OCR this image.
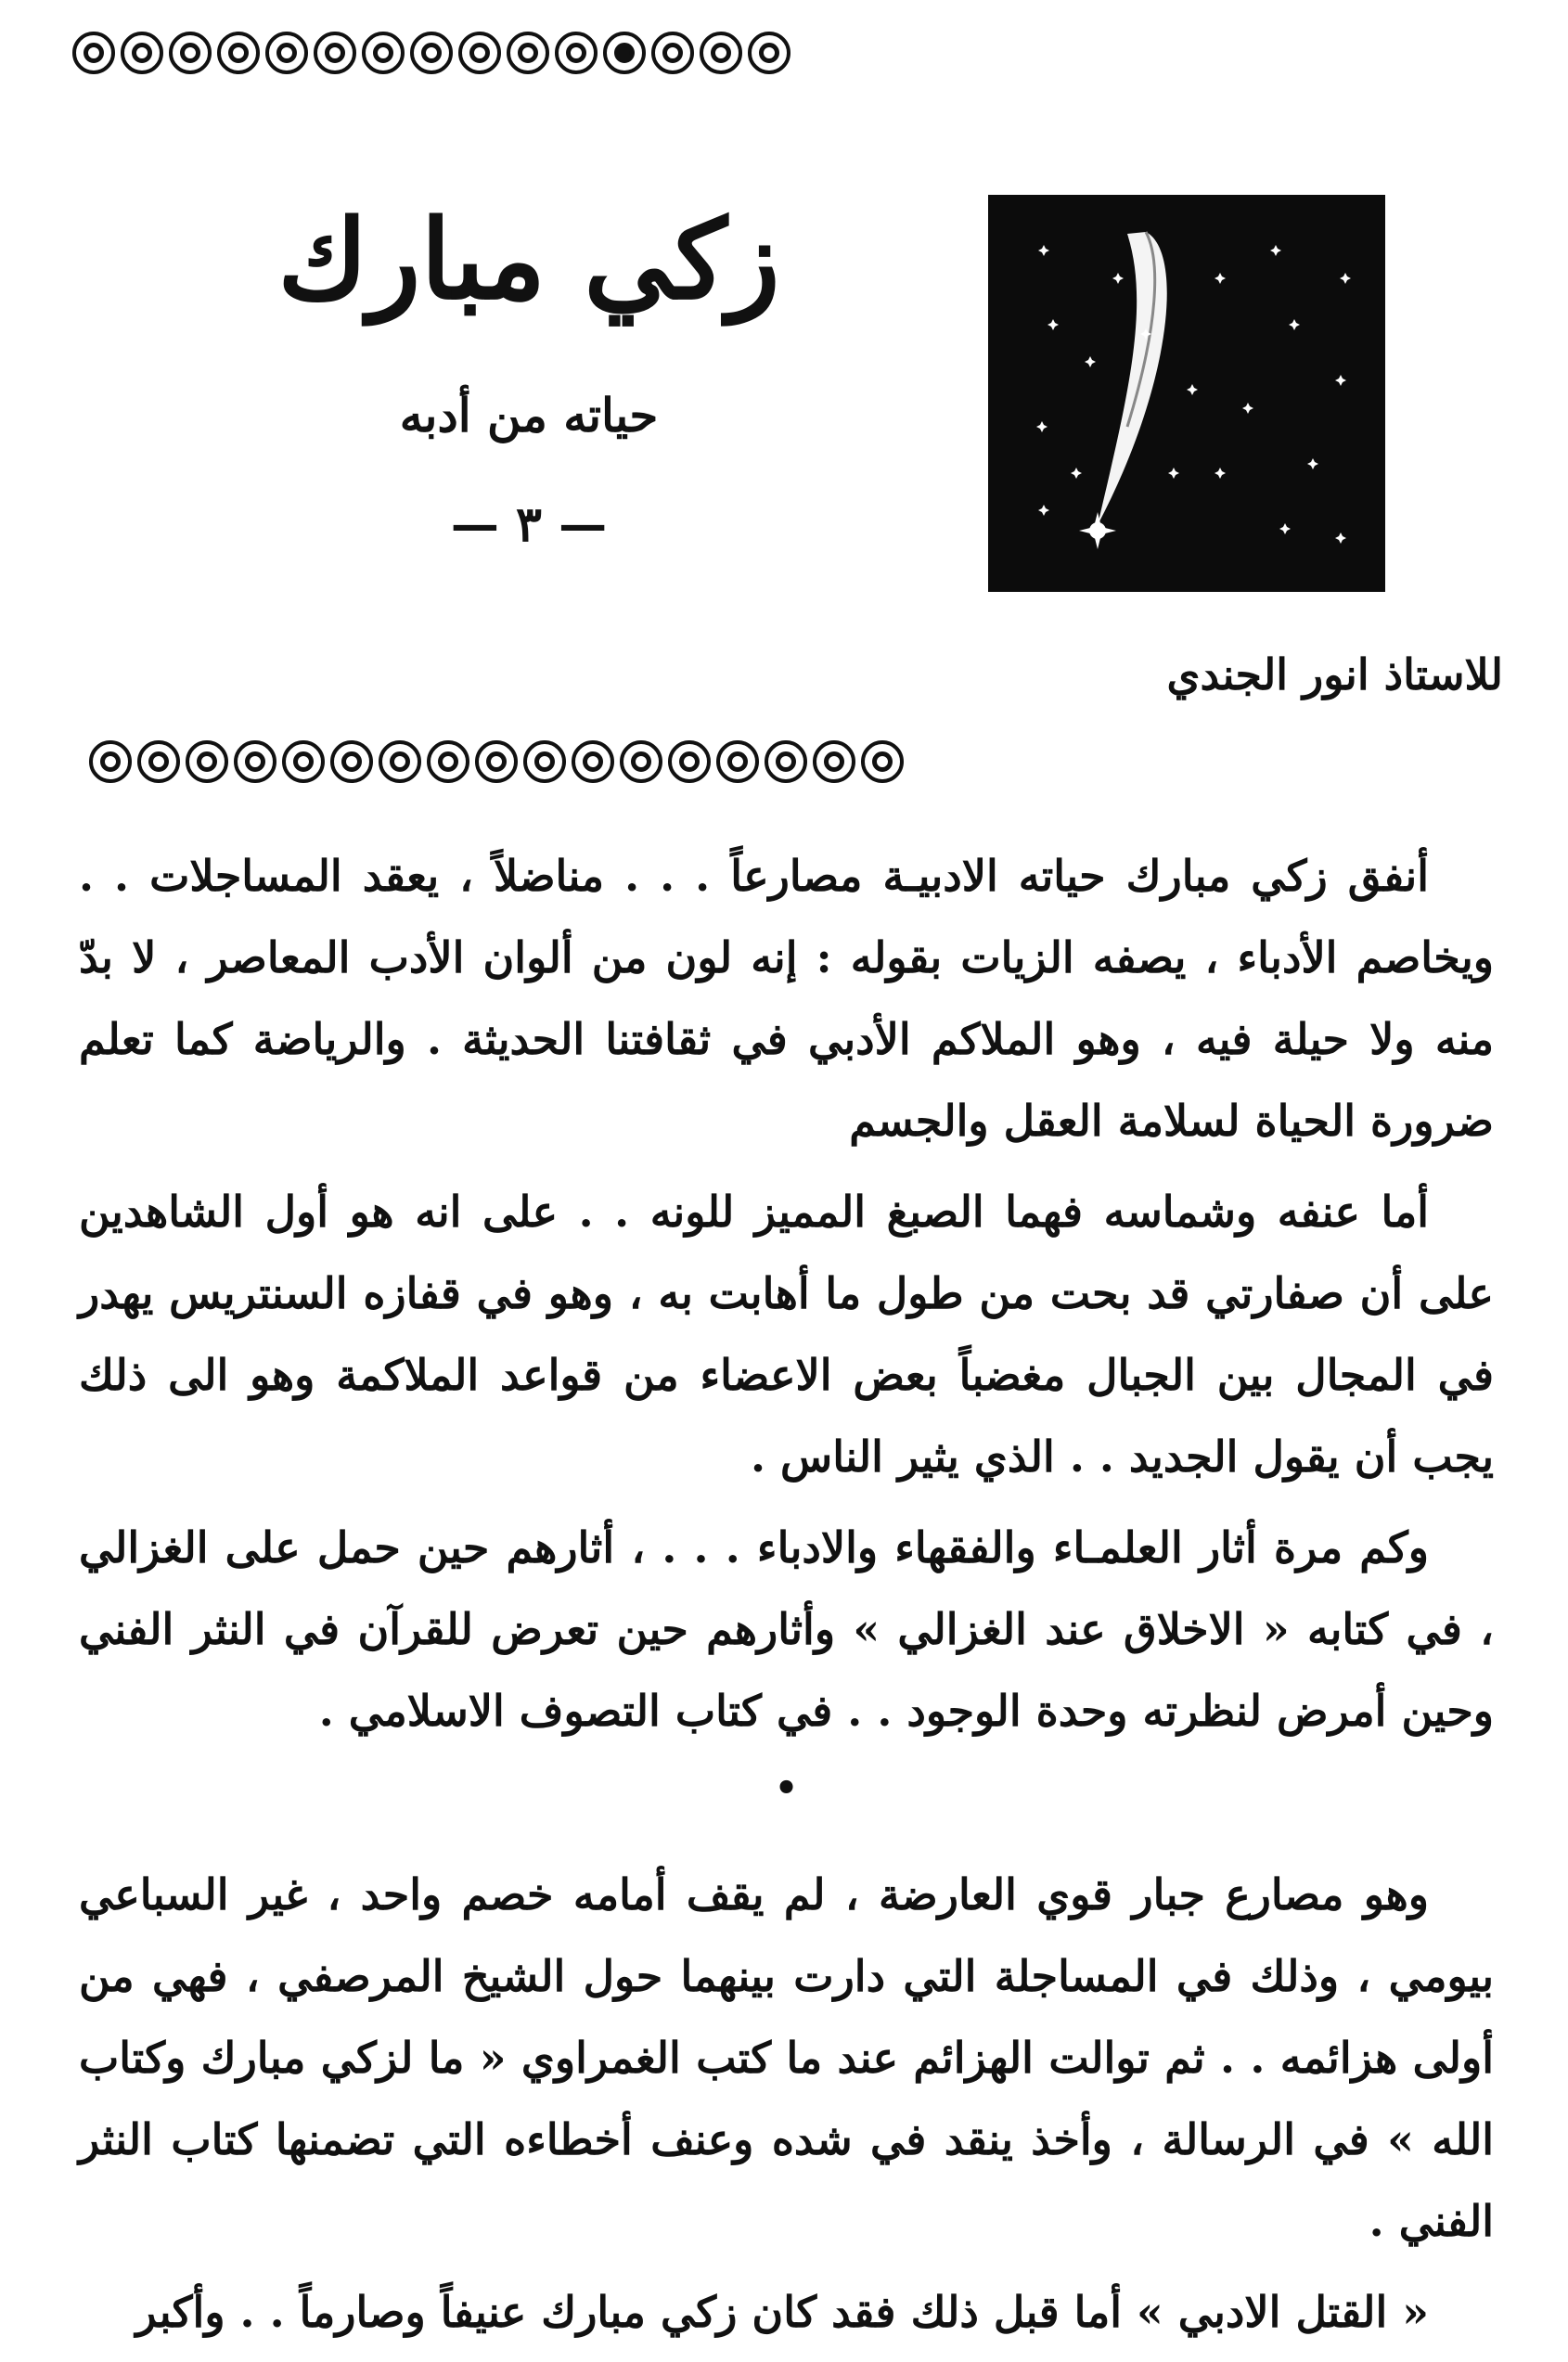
زكي مبارك
حياته من أدبه
— ٣ —
للاستاذ انور الجندي

أنفق زكي مبارك حياته الادبيـة مصارعاً . . . مناضلاً ، يعقد المساجلات . . ويخاصم الأدباء ، يصفه الزيات بقوله : إنه لون من ألوان الأدب المعاصر ، لا بدّ منه ولا حيلة فيه ، وهو الملاكم الأدبي في ثقافتنا الحديثة . والرياضة كما تعلم ضرورة الحياة لسلامة العقل والجسم

أما عنفه وشماسه فهما الصبغ المميز للونه . . على انه هو أول الشاهدين على أن صفارتي قد بحت من طول ما أهابت به ، وهو في قفازه السنتريس يهدر في المجال بين الجبال مغضباً بعض الاعضاء من قواعد الملاكمة وهو الى ذلك يجب أن يقول الجديد . . الذي يثير الناس .

وكم مرة أثار العلمـاء والفقهاء والادباء . . . ، أثارهم حين حمل على الغزالي ، في كتابه « الاخلاق عند الغزالي » وأثارهم حين تعرض للقرآن في النثر الفني وحين أمرض لنظرته وحدة الوجود . . في كتاب التصوف الاسلامي .

•

وهو مصارع جبار قوي العارضة ، لم يقف أمامه خصم واحد ، غير السباعي بيومي ، وذلك في المساجلة التي دارت بينهما حول الشيخ المرصفي ، فهي من أولى هزائمه . . ثم توالت الهزائم عند ما كتب الغمراوي « ما لزكي مبارك وكتاب الله » في الرسالة ، وأخذ ينقد في شده وعنف أخطاءه التي تضمنها كتاب النثر الفني .

« القتل الادبي » أما قبل ذلك فقد كان زكي مبارك عنيفاً وصارماً . . وأكبر
